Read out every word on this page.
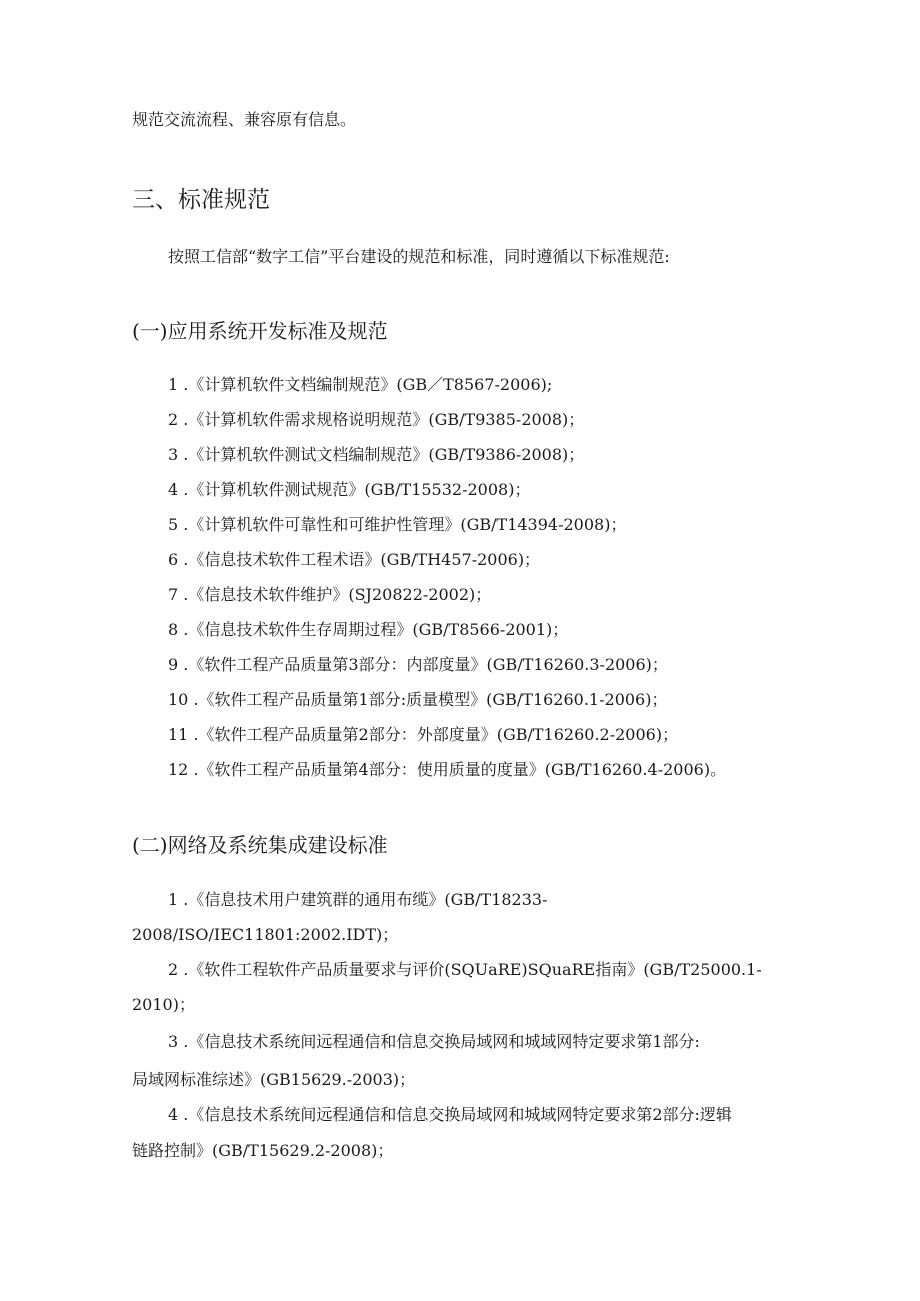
规范交流流程、兼容原有信息。
三、标准规范
按照工信部“数字工信”平台建设的规范和标准，同时遵循以下标准规范:
(一)应用系统开发标准及规范
1 .《计算机软件文档编制规范》(GB／T8567-2006);
2 .《计算机软件需求规格说明规范》(GB/T9385-2008)；
3 .《计算机软件测试文档编制规范》(GB/T9386-2008)；
4 .《计算机软件测试规范》(GB/T15532-2008)；
5 .《计算机软件可靠性和可维护性管理》(GB/T14394-2008)；
6 .《信息技术软件工程术语》(GB/TH457-2006)；
7 .《信息技术软件维护》(SJ20822-2002)；
8 .《信息技术软件生存周期过程》(GB/T8566-2001)；
9 .《软件工程产品质量第3部分：内部度量》(GB/T16260.3-2006)；
10 .《软件工程产品质量第1部分:质量模型》(GB/T16260.1-2006)；
11 .《软件工程产品质量第2部分：外部度量》(GB/T16260.2-2006)；
12 .《软件工程产品质量第4部分：使用质量的度量》(GB/T16260.4-2006)。
(二)网络及系统集成建设标准
1 .《信息技术用户建筑群的通用布缆》(GB/T18233-
2008/ISO/IEC11801:2002.IDT)；
2 .《软件工程软件产品质量要求与评价(SQUaRE)SQuaRE指南》(GB/T25000.1-
2010)；
3 .《信息技术系统间远程通信和信息交换局域网和城域网特定要求第1部分:
局域网标准综述》(GB15629.-2003)；
4 .《信息技术系统间远程通信和信息交换局域网和城域网特定要求第2部分:逻辑
链路控制》(GB/T15629.2-2008)；
